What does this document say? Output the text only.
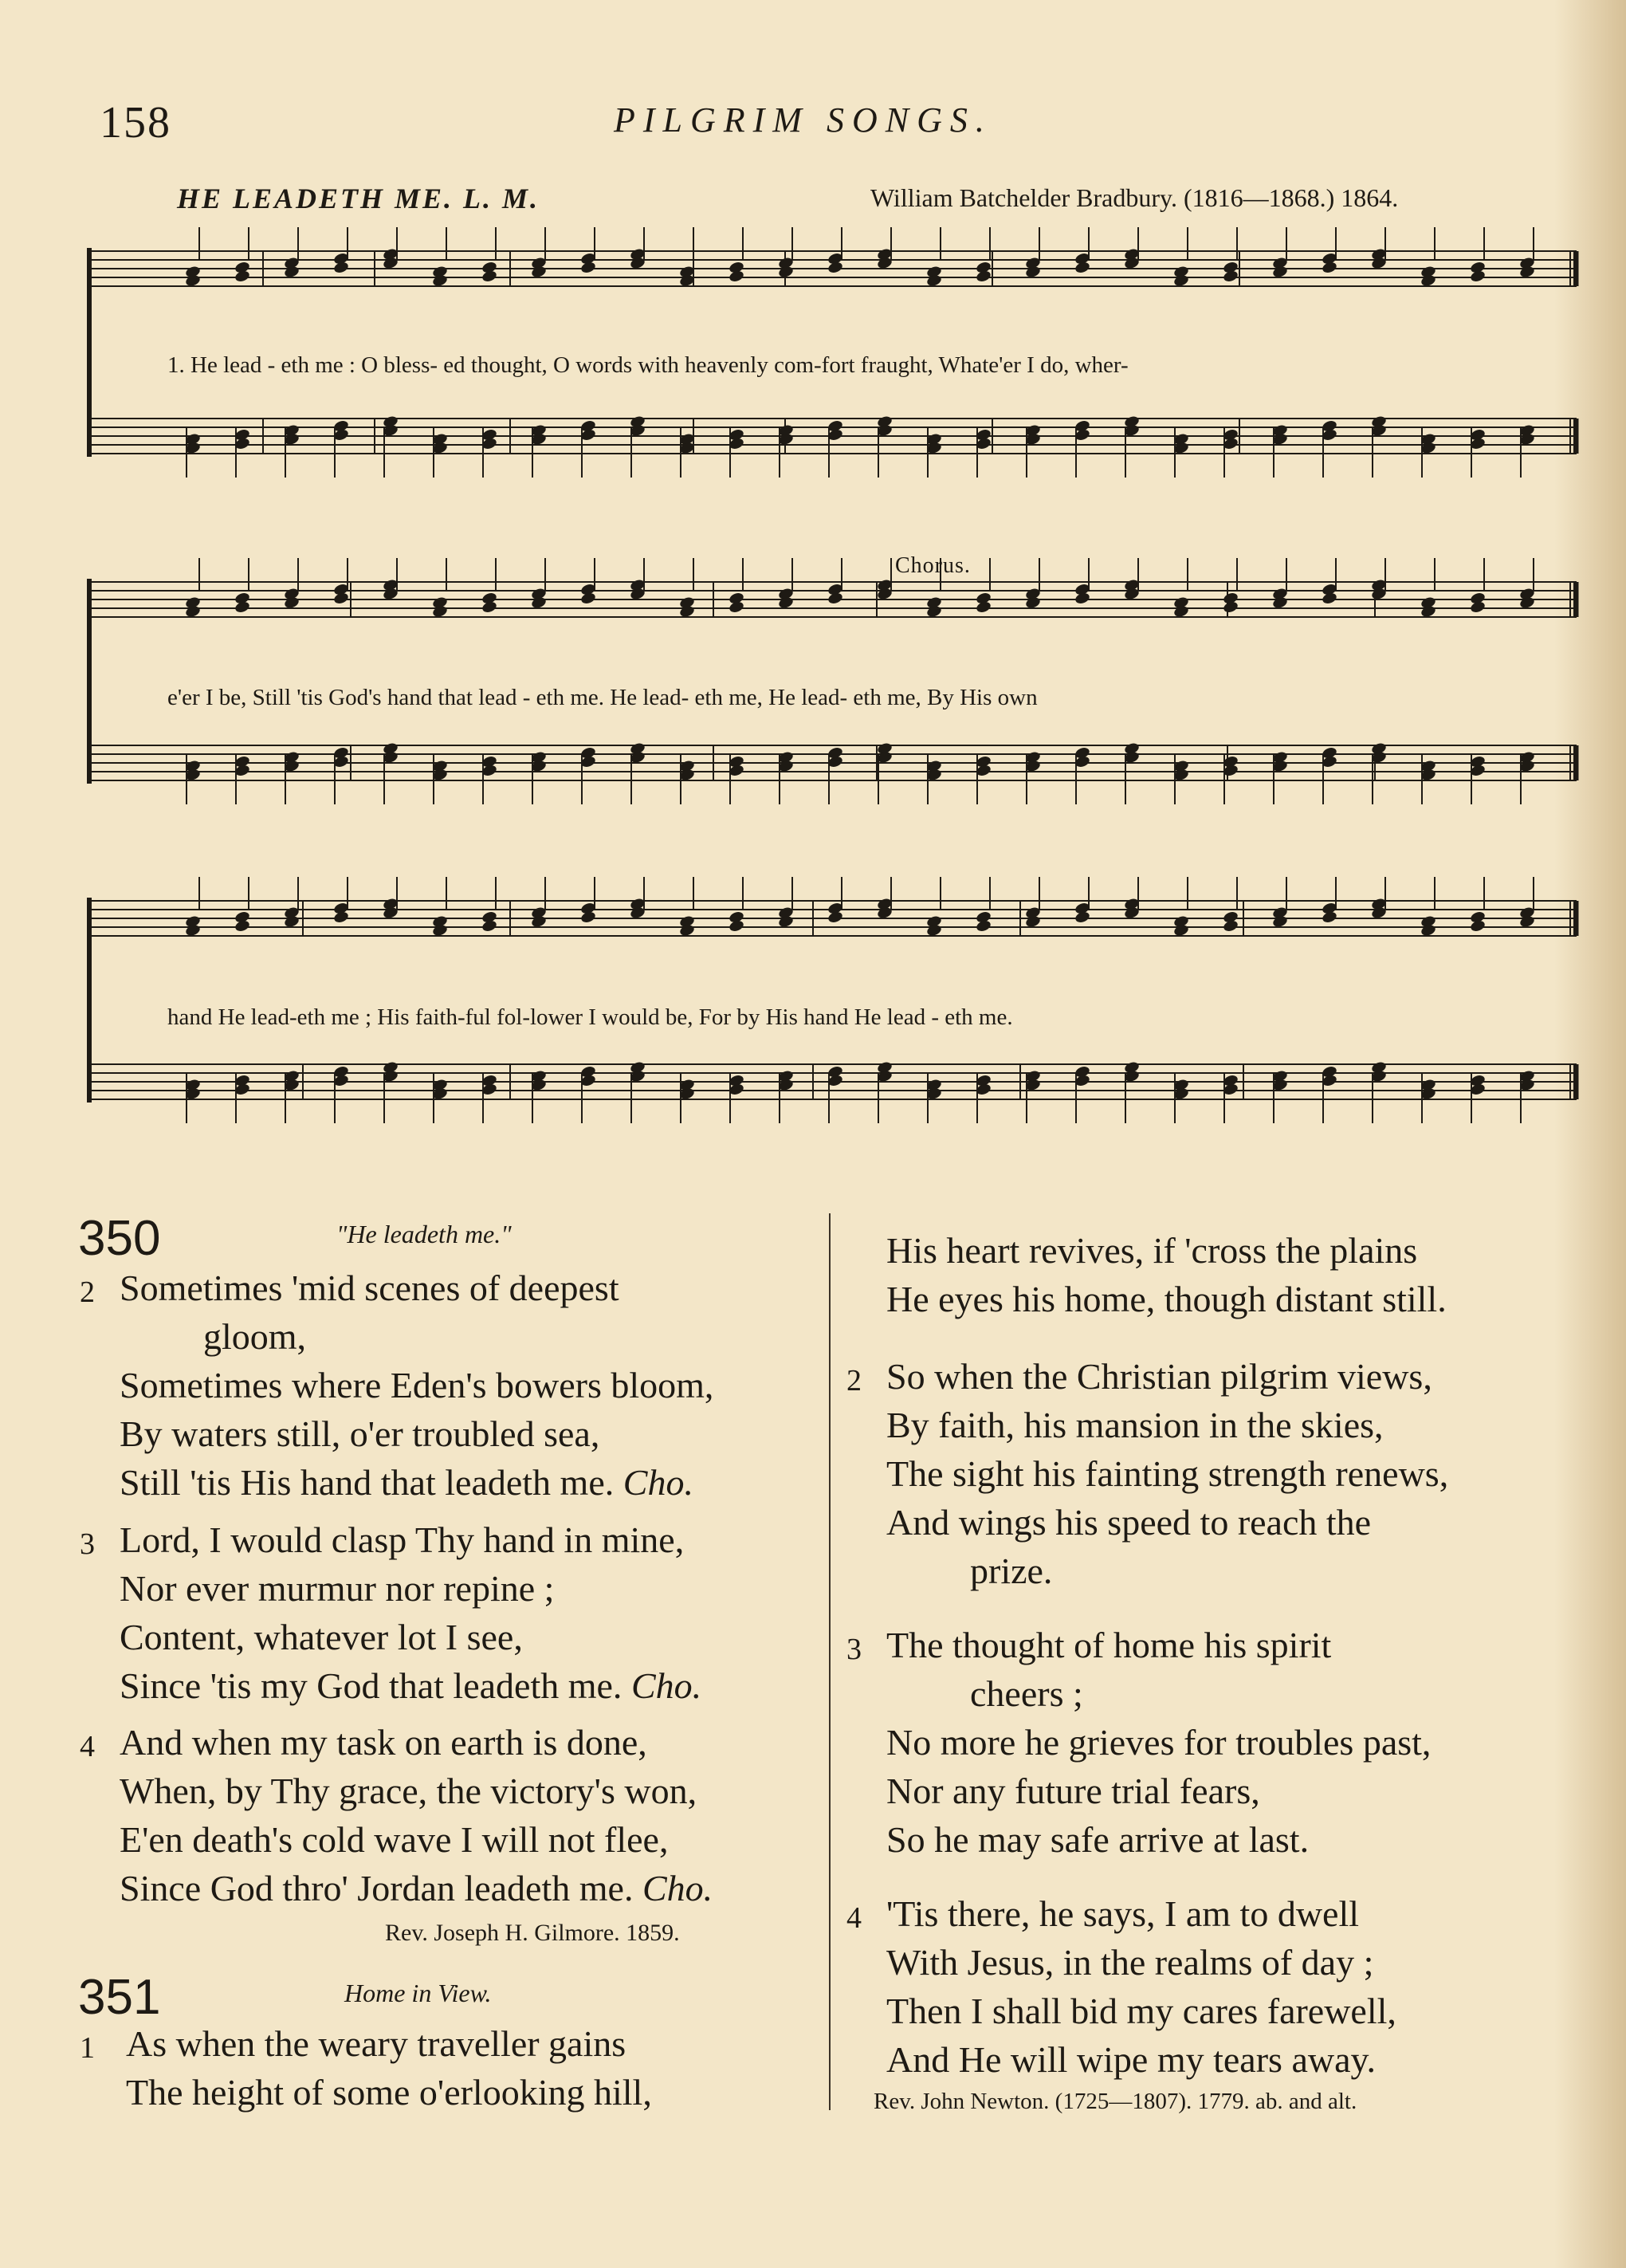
158	PILGRIM SONGS.
HE LEADETH ME. L. M.	William Batchelder Bradbury. (1816—1868.) 1864.
1. He lead - eth me : O bless- ed thought, O words with heavenly com-fort fraught, Whate'er I do, wher-
e'er I be, Still 'tis God's hand that lead - eth me. He lead- eth me, He lead- eth me, By His own
hand He lead-eth me ; His faith-ful fol-lower I would be, For by His hand He lead - eth me.
Chorus.
350	"He leadeth me."
2 Sometimes 'mid scenes of deepest
gloom,
Sometimes where Eden's bowers bloom,
By waters still, o'er troubled sea,
Still 'tis His hand that leadeth me. Cho.
3 Lord, I would clasp Thy hand in mine,
Nor ever murmur nor repine ;
Content, whatever lot I see,
Since 'tis my God that leadeth me. Cho.
4 And when my task on earth is done,
When, by Thy grace, the victory's won,
E'en death's cold wave I will not flee,
Since God thro' Jordan leadeth me. Cho.
Rev. Joseph H. Gilmore. 1859.
351	Home in View.
1 As when the weary traveller gains
The height of some o'erlooking hill,
His heart revives, if 'cross the plains
He eyes his home, though distant still.
2 So when the Christian pilgrim views,
By faith, his mansion in the skies,
The sight his fainting strength renews,
And wings his speed to reach the
prize.
3 The thought of home his spirit
cheers ;
No more he grieves for troubles past,
Nor any future trial fears,
So he may safe arrive at last.
4 'Tis there, he says, I am to dwell
With Jesus, in the realms of day ;
Then I shall bid my cares farewell,
And He will wipe my tears away.
Rev. John Newton. (1725—1807). 1779. ab. and alt.
